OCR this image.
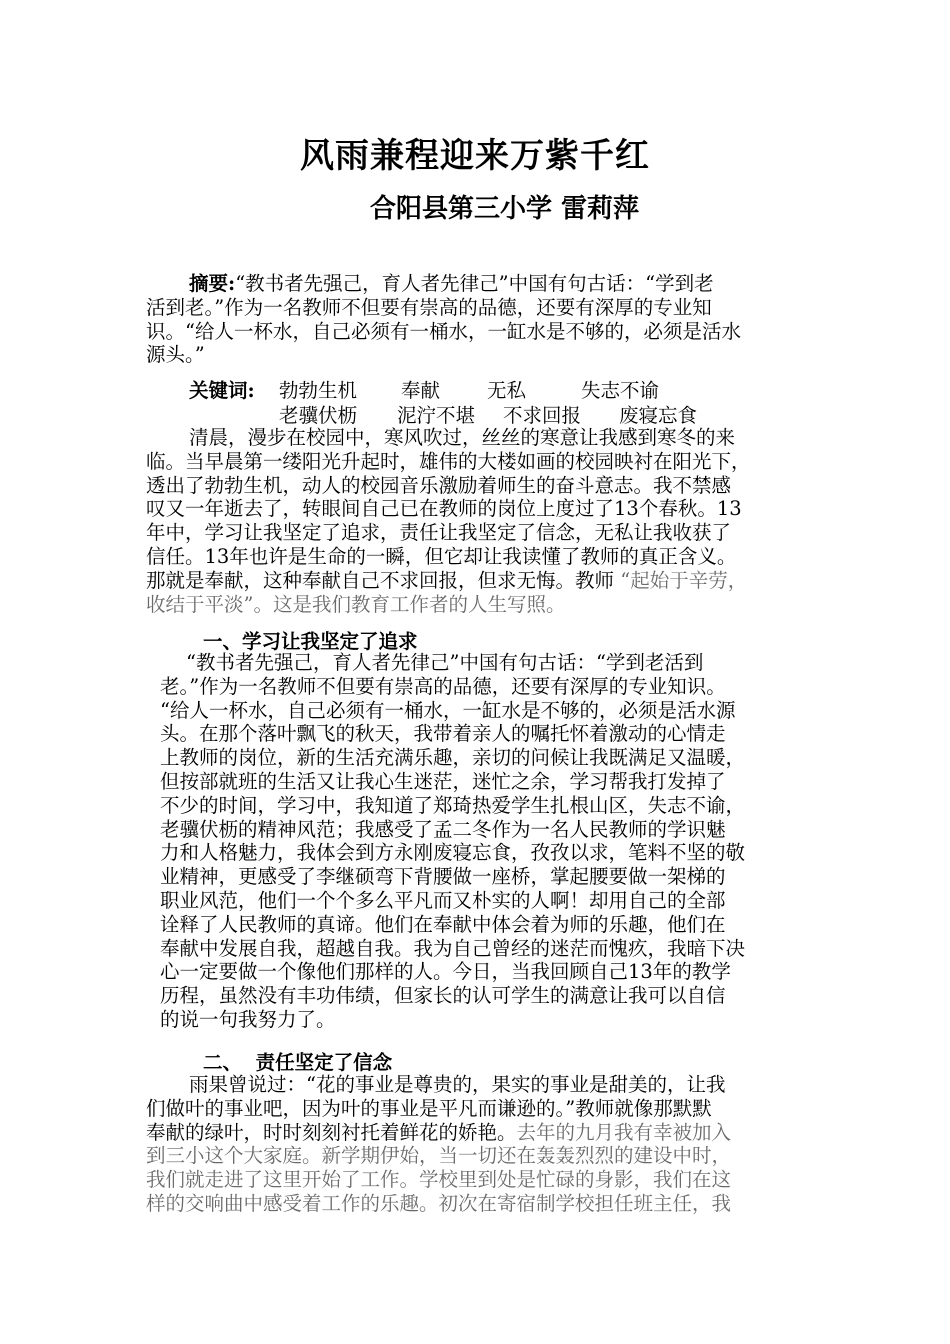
风雨兼程迎来万紫千红
合阳县第三小学 雷莉萍
摘要:“教书者先强己，育人者先律己”中国有句古话：“学到老
活到老。”作为一名教师不但要有崇高的品德，还要有深厚的专业知
识。“给人一杯水，自己必须有一桶水，一缸水是不够的，必须是活水
源头。”
关键词: 勃勃生机 奉献 无私	失志不谕
老骥伏枥 泥泞不堪 不求回报 废寝忘食
清晨，漫步在校园中，寒风吹过，丝丝的寒意让我感到寒冬的来
临。当早晨第一缕阳光升起时，雄伟的大楼如画的校园映衬在阳光下，
透出了勃勃生机，动人的校园音乐激励着师生的奋斗意志。我不禁感
叹又一年逝去了，转眼间自己已在教师的岗位上度过了13个春秋。13
年中，学习让我坚定了追求，责任让我坚定了信念，无私让我收获了
信任。13年也许是生命的一瞬，但它却让我读懂了教师的真正含义。
那就是奉献，这种奉献自己不求回报，但求无悔。教师 “起始于辛劳，
收结于平淡”。这是我们教育工作者的人生写照。
一、学习让我坚定了追求
“教书者先强己，育人者先律己”中国有句古话：“学到老活到
老。”作为一名教师不但要有崇高的品德，还要有深厚的专业知识。
“给人一杯水，自己必须有一桶水，一缸水是不够的，必须是活水源
头。在那个落叶飘飞的秋天，我带着亲人的嘱托怀着激动的心情走
上教师的岗位，新的生活充满乐趣，亲切的问候让我既满足又温暖，
但按部就班的生活又让我心生迷茫，迷忙之余，学习帮我打发掉了
不少的时间，学习中，我知道了郑琦热爱学生扎根山区，失志不谕，
老骥伏枥的精神风范；我感受了孟二冬作为一名人民教师的学识魅
力和人格魅力，我体会到方永刚废寝忘食，孜孜以求，笔料不坚的敬
业精神，更感受了李继硕弯下背腰做一座桥，掌起腰要做一架梯的
职业风范，他们一个个多么平凡而又朴实的人啊！却用自己的全部
诠释了人民教师的真谛。他们在奉献中体会着为师的乐趣，他们在
奉献中发展自我，超越自我。我为自己曾经的迷茫而愧疚，我暗下决
心一定要做一个像他们那样的人。今日，当我回顾自己13年的教学
历程，虽然没有丰功伟绩，但家长的认可学生的满意让我可以自信
的说一句我努力了。
二、  责任坚定了信念
雨果曾说过：“花的事业是尊贵的，果实的事业是甜美的，让我
们做叶的事业吧，因为叶的事业是平凡而谦逊的。”教师就像那默默
奉献的绿叶，时时刻刻衬托着鲜花的娇艳。去年的九月我有幸被加入
到三小这个大家庭。新学期伊始，当一切还在轰轰烈烈的建设中时，
我们就走进了这里开始了工作。学校里到处是忙碌的身影，我们在这
样的交响曲中感受着工作的乐趣。初次在寄宿制学校担任班主任，我
